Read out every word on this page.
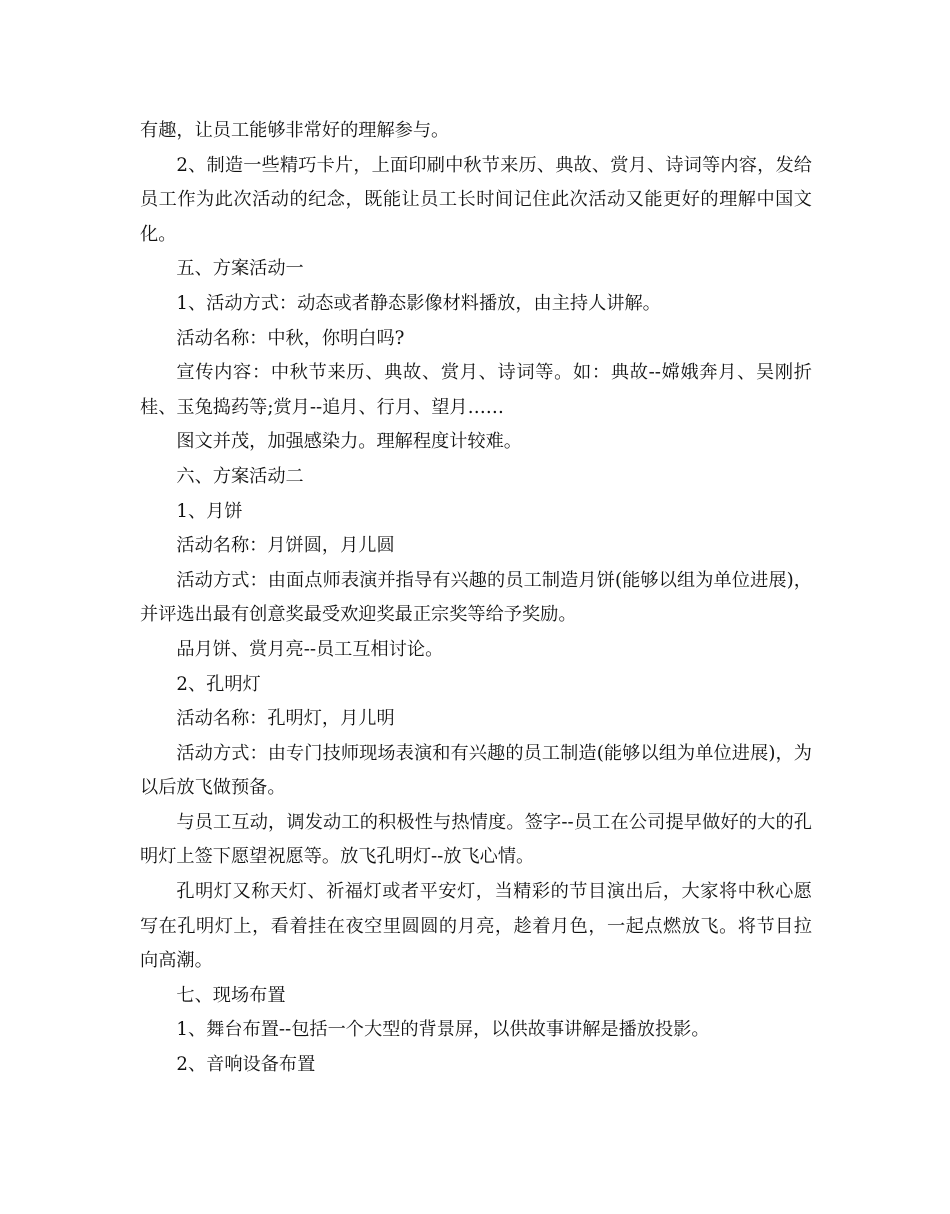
有趣，让员工能够非常好的理解参与。

2、制造一些精巧卡片，上面印刷中秋节来历、典故、赏月、诗词等内容，发给员工作为此次活动的纪念，既能让员工长时间记住此次活动又能更好的理解中国文化。

五、方案活动一

1、活动方式：动态或者静态影像材料播放，由主持人讲解。

活动名称：中秋，你明白吗?

宣传内容：中秋节来历、典故、赏月、诗词等。如：典故--嫦娥奔月、吴刚折桂、玉兔捣药等;赏月--追月、行月、望月……

图文并茂，加强感染力。理解程度计较难。

六、方案活动二

1、月饼

活动名称：月饼圆，月儿圆

活动方式：由面点师表演并指导有兴趣的员工制造月饼(能够以组为单位进展)，并评选出最有创意奖最受欢迎奖最正宗奖等给予奖励。

品月饼、赏月亮--员工互相讨论。

2、孔明灯

活动名称：孔明灯，月儿明

活动方式：由专门技师现场表演和有兴趣的员工制造(能够以组为单位进展)，为以后放飞做预备。

与员工互动，调发动工的积极性与热情度。签字--员工在公司提早做好的大的孔明灯上签下愿望祝愿等。放飞孔明灯--放飞心情。

孔明灯又称天灯、祈福灯或者平安灯，当精彩的节目演出后，大家将中秋心愿写在孔明灯上，看着挂在夜空里圆圆的月亮，趁着月色，一起点燃放飞。将节目拉向高潮。

七、现场布置

1、舞台布置--包括一个大型的背景屏，以供故事讲解是播放投影。

2、音响设备布置
